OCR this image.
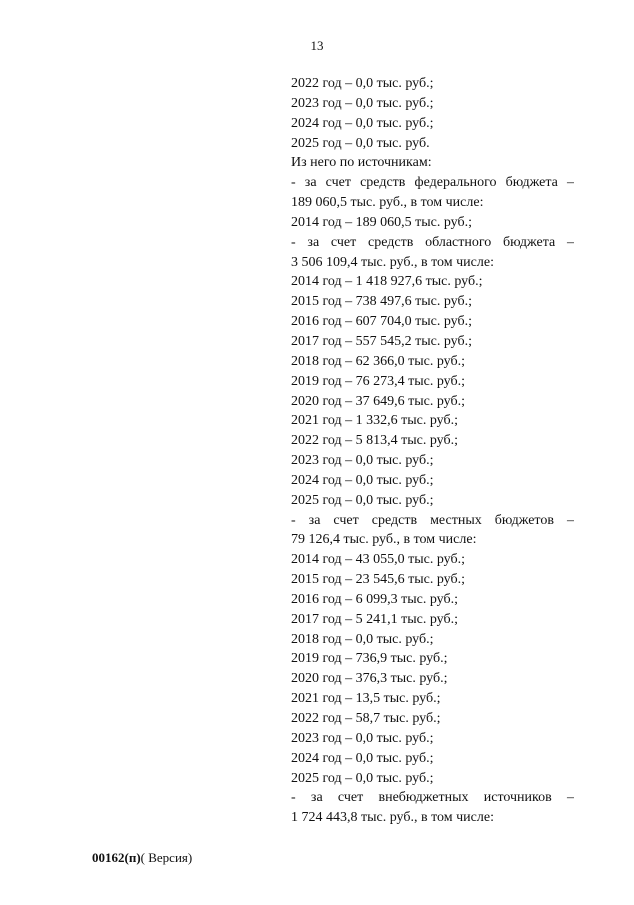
13
2022 год – 0,0 тыс. руб.;
2023 год – 0,0 тыс. руб.;
2024 год – 0,0 тыс. руб.;
2025 год – 0,0 тыс. руб.
Из него по источникам:
- за счет средств федерального бюджета –
189 060,5 тыс. руб., в том числе:
2014 год – 189 060,5 тыс. руб.;
- за счет средств областного бюджета –
3 506 109,4 тыс. руб., в том числе:
2014 год – 1 418 927,6 тыс. руб.;
2015 год – 738 497,6 тыс. руб.;
2016 год – 607 704,0 тыс. руб.;
2017 год – 557 545,2 тыс. руб.;
2018 год – 62 366,0 тыс. руб.;
2019 год – 76 273,4 тыс. руб.;
2020 год – 37 649,6 тыс. руб.;
2021 год – 1 332,6 тыс. руб.;
2022 год – 5 813,4 тыс. руб.;
2023 год – 0,0 тыс. руб.;
2024 год – 0,0 тыс. руб.;
2025 год – 0,0 тыс. руб.;
- за счет средств местных бюджетов –
79 126,4 тыс. руб., в том числе:
2014 год – 43 055,0 тыс. руб.;
2015 год – 23 545,6 тыс. руб.;
2016 год – 6 099,3 тыс. руб.;
2017 год – 5 241,1 тыс. руб.;
2018 год – 0,0 тыс. руб.;
2019 год – 736,9 тыс. руб.;
2020 год – 376,3 тыс. руб.;
2021 год – 13,5 тыс. руб.;
2022 год – 58,7 тыс. руб.;
2023 год – 0,0 тыс. руб.;
2024 год – 0,0 тыс. руб.;
2025 год – 0,0 тыс. руб.;
- за счет внебюджетных источников –
1 724 443,8 тыс. руб., в том числе:
00162(п)( Версия)
